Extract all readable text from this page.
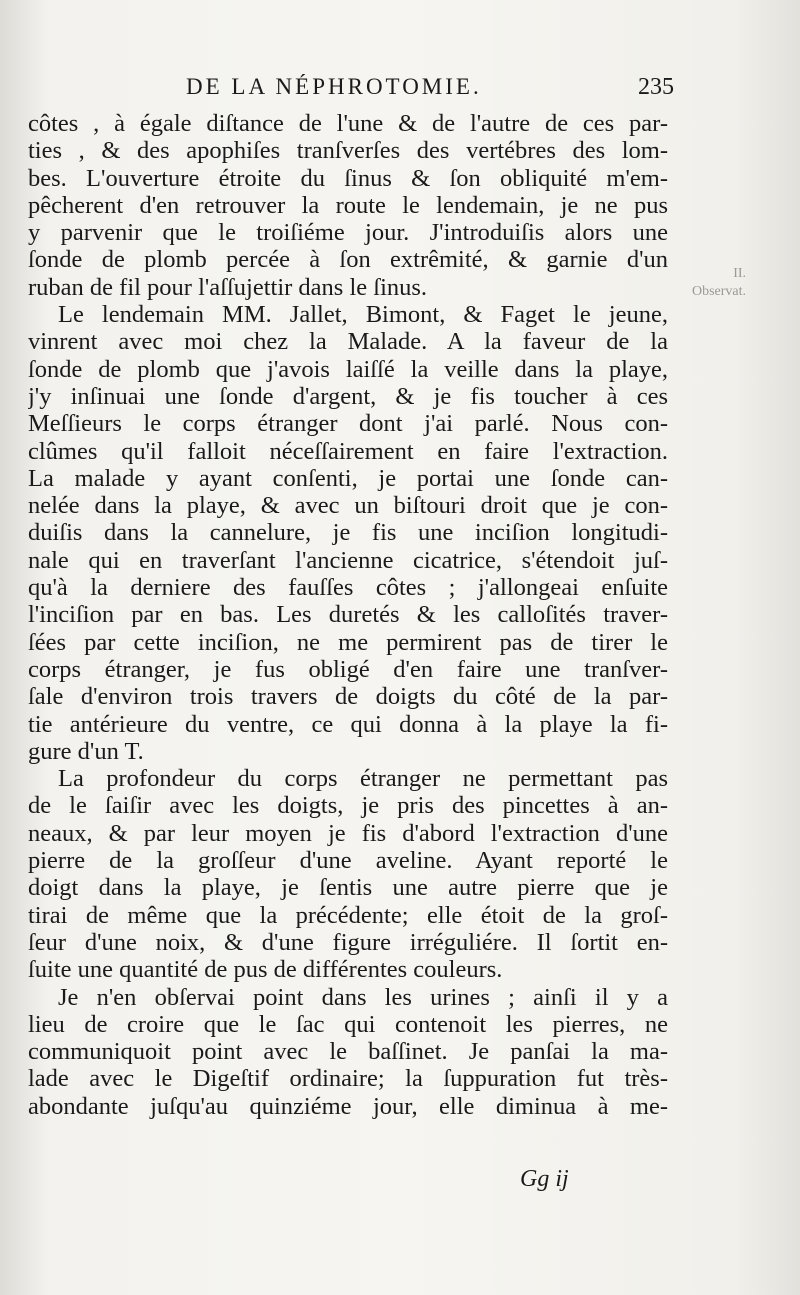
DE LA NÉPHROTOMIE.	235
II.
Observat.
côtes , à égale diſtance de l'une & de l'autre de ces par-
ties , & des apophiſes tranſverſes des vertébres des lom-
bes. L'ouverture étroite du ſinus & ſon obliquité m'em-
pêcherent d'en retrouver la route le lendemain, je ne pus
y parvenir que le troiſiéme jour. J'introduiſis alors une
ſonde de plomb percée à ſon extrêmité, & garnie d'un
ruban de fil pour l'aſſujettir dans le ſinus.
Le lendemain MM. Jallet, Bimont, & Faget le jeune,
vinrent avec moi chez la Malade. A la faveur de la
ſonde de plomb que j'avois laiſſé la veille dans la playe,
j'y inſinuai une ſonde d'argent, & je fis toucher à ces
Meſſieurs le corps étranger dont j'ai parlé. Nous con-
clûmes qu'il falloit néceſſairement en faire l'extraction.
La malade y ayant conſenti, je portai une ſonde can-
nelée dans la playe, & avec un biſtouri droit que je con-
duiſis dans la cannelure, je fis une inciſion longitudi-
nale qui en traverſant l'ancienne cicatrice, s'étendoit juſ-
qu'à la derniere des fauſſes côtes ; j'allongeai enſuite
l'inciſion par en bas. Les duretés & les calloſités traver-
ſées par cette inciſion, ne me permirent pas de tirer le
corps étranger, je fus obligé d'en faire une tranſver-
ſale d'environ trois travers de doigts du côté de la par-
tie antérieure du ventre, ce qui donna à la playe la fi-
gure d'un T.
La profondeur du corps étranger ne permettant pas
de le ſaiſir avec les doigts, je pris des pincettes à an-
neaux, & par leur moyen je fis d'abord l'extraction d'une
pierre de la groſſeur d'une aveline. Ayant reporté le
doigt dans la playe, je ſentis une autre pierre que je
tirai de même que la précédente; elle étoit de la groſ-
ſeur d'une noix, & d'une figure irréguliére. Il ſortit en-
ſuite une quantité de pus de différentes couleurs.
Je n'en obſervai point dans les urines ; ainſi il y a
lieu de croire que le ſac qui contenoit les pierres, ne
communiquoit point avec le baſſinet. Je panſai la ma-
lade avec le Digeſtif ordinaire; la ſuppuration fut très-
abondante juſqu'au quinziéme jour, elle diminua à me-
Gg ij
